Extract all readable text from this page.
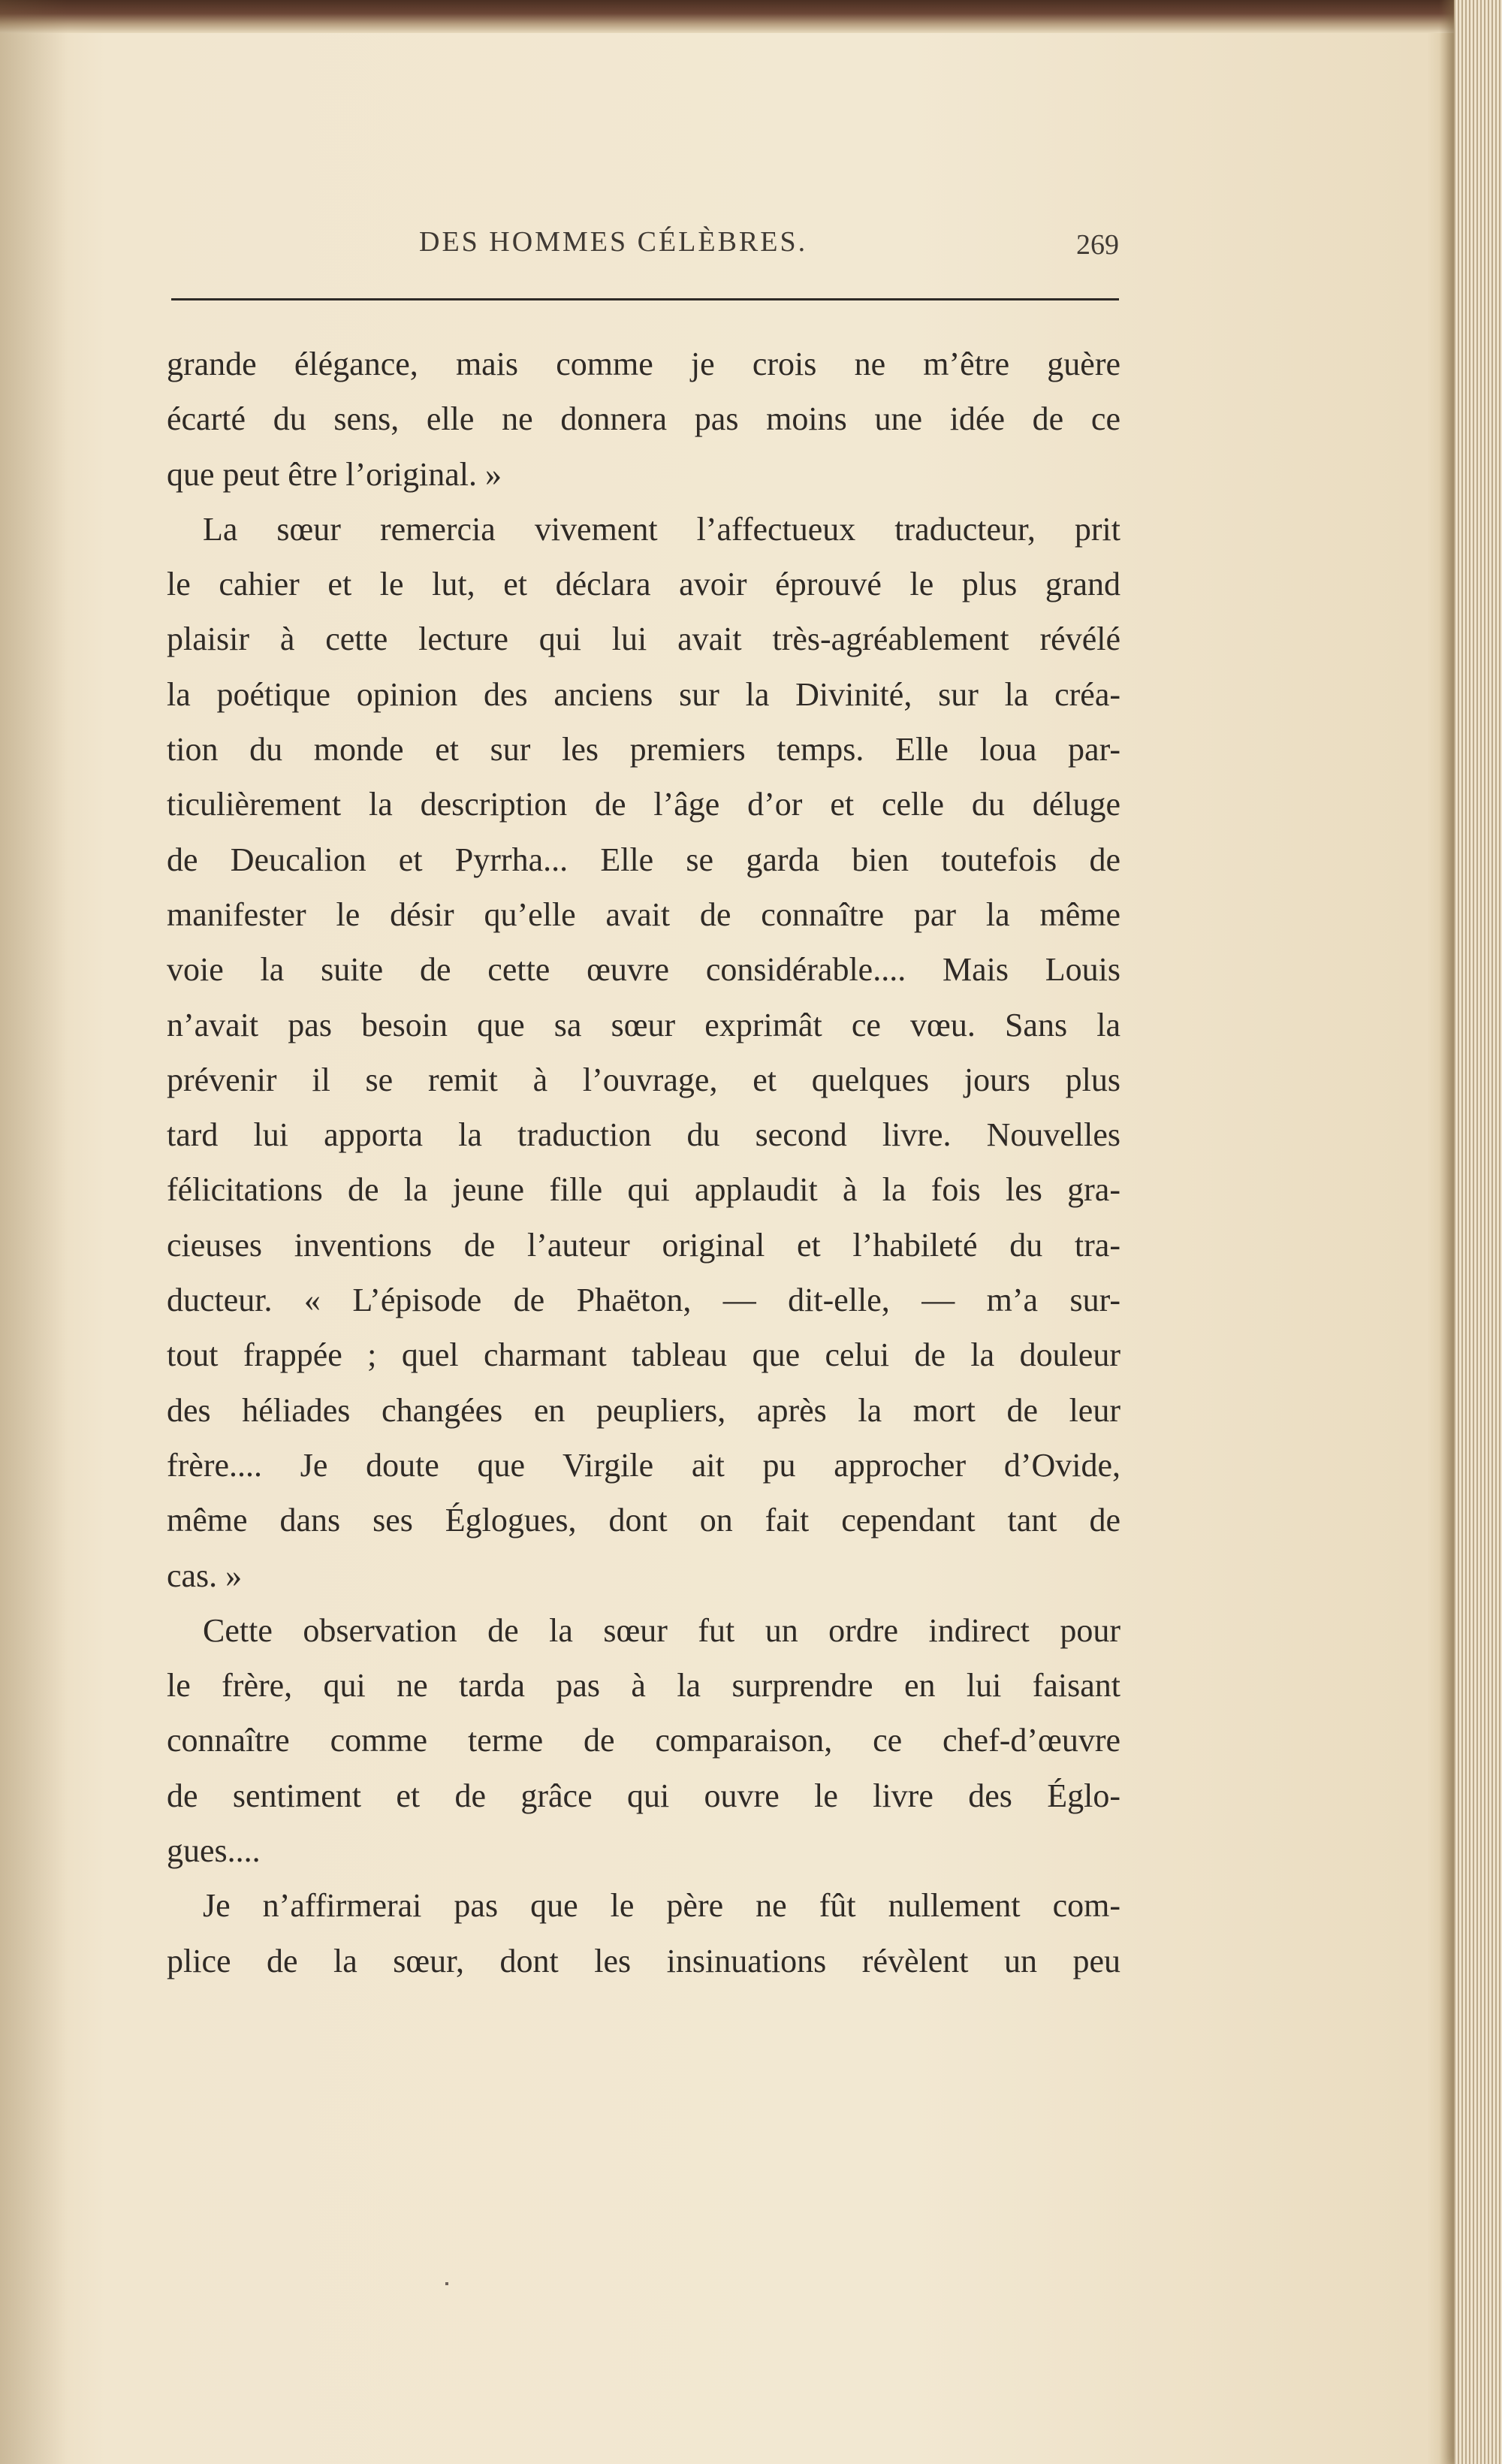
DES HOMMES CÉLÈBRES.	269
grande élégance, mais comme je crois ne m’être guère
écarté du sens, elle ne donnera pas moins une idée de ce
que peut être l’original. »
La sœur remercia vivement l’affectueux traducteur, prit
le cahier et le lut, et déclara avoir éprouvé le plus grand
plaisir à cette lecture qui lui avait très-agréablement révélé
la poétique opinion des anciens sur la Divinité, sur la créa-
tion du monde et sur les premiers temps. Elle loua par-
ticulièrement la description de l’âge d’or et celle du déluge
de Deucalion et Pyrrha... Elle se garda bien toutefois de
manifester le désir qu’elle avait de connaître par la même
voie la suite de cette œuvre considérable.... Mais Louis
n’avait pas besoin que sa sœur exprimât ce vœu. Sans la
prévenir il se remit à l’ouvrage, et quelques jours plus
tard lui apporta la traduction du second livre. Nouvelles
félicitations de la jeune fille qui applaudit à la fois les gra-
cieuses inventions de l’auteur original et l’habileté du tra-
ducteur. « L’épisode de Phaëton, — dit-elle, — m’a sur-
tout frappée ; quel charmant tableau que celui de la douleur
des héliades changées en peupliers, après la mort de leur
frère.... Je doute que Virgile ait pu approcher d’Ovide,
même dans ses Églogues, dont on fait cependant tant de
cas. »
Cette observation de la sœur fut un ordre indirect pour
le frère, qui ne tarda pas à la surprendre en lui faisant
connaître comme terme de comparaison, ce chef-d’œuvre
de sentiment et de grâce qui ouvre le livre des Églo-
gues....
Je n’affirmerai pas que le père ne fût nullement com-
plice de la sœur, dont les insinuations révèlent un peu
